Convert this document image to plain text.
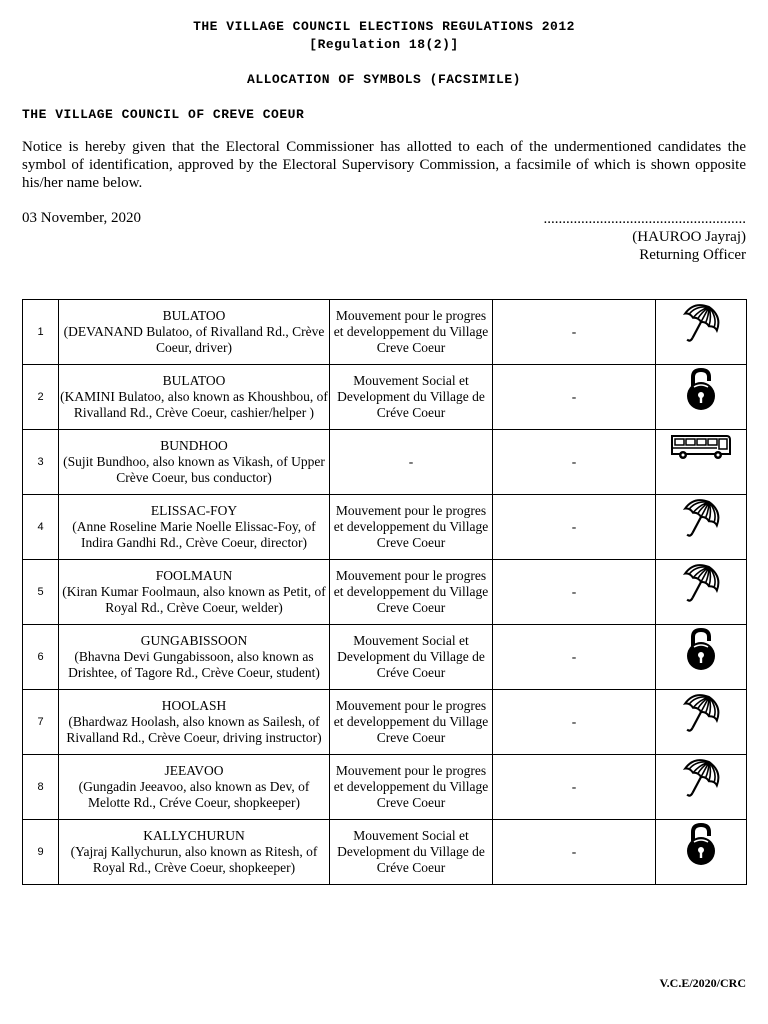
THE VILLAGE COUNCIL ELECTIONS REGULATIONS 2012
[Regulation 18(2)]
ALLOCATION OF SYMBOLS (FACSIMILE)
THE VILLAGE COUNCIL OF CREVE COEUR
Notice is hereby given that the Electoral Commissioner has allotted to each of the undermentioned candidates the symbol of identification, approved by the Electoral Supervisory Commission, a facsimile of which is shown opposite his/her name below.
03 November, 2020	......................................................
(HAUROO Jayraj)
Returning Officer
1	BULATOO
(DEVANAND Bulatoo, of Rivalland Rd., Crève Coeur, driver)	Mouvement pour le progres et developpement du Village Creve Coeur	-	

2	BULATOO
(KAMINI Bulatoo, also known as Khoushbou, of Rivalland Rd., Crève Coeur, cashier/helper )	Mouvement Social et Development du Village de Créve Coeur	-	

3	BUNDHOO
(Sujit Bundhoo, also known as Vikash, of Upper Crève Coeur, bus conductor)	-	-	

4	ELISSAC-FOY
(Anne Roseline Marie Noelle Elissac-Foy, of Indira Gandhi Rd., Crève Coeur, director)	Mouvement pour le progres et developpement du Village Creve Coeur	-	

5	FOOLMAUN
(Kiran Kumar Foolmaun, also known as Petit, of Royal Rd., Crève Coeur, welder)	Mouvement pour le progres et developpement du Village Creve Coeur	-	

6	GUNGABISSOON
(Bhavna Devi Gungabissoon, also known as Drishtee, of Tagore Rd., Crève Coeur, student)	Mouvement Social et Development du Village de Créve Coeur	-	

7	HOOLASH
(Bhardwaz Hoolash, also known as Sailesh, of Rivalland Rd., Crève Coeur, driving instructor)	Mouvement pour le progres et developpement du Village Creve Coeur	-	

8	JEEAVOO
(Gungadin Jeeavoo, also known as Dev, of Melotte Rd., Créve Coeur, shopkeeper)	Mouvement pour le progres et developpement du Village Creve Coeur	-	

9	KALLYCHURUN
(Yajraj Kallychurun, also known as Ritesh, of Royal Rd., Crève Coeur, shopkeeper)	Mouvement Social et Development du Village de Créve Coeur	-	
V.C.E/2020/CRC
